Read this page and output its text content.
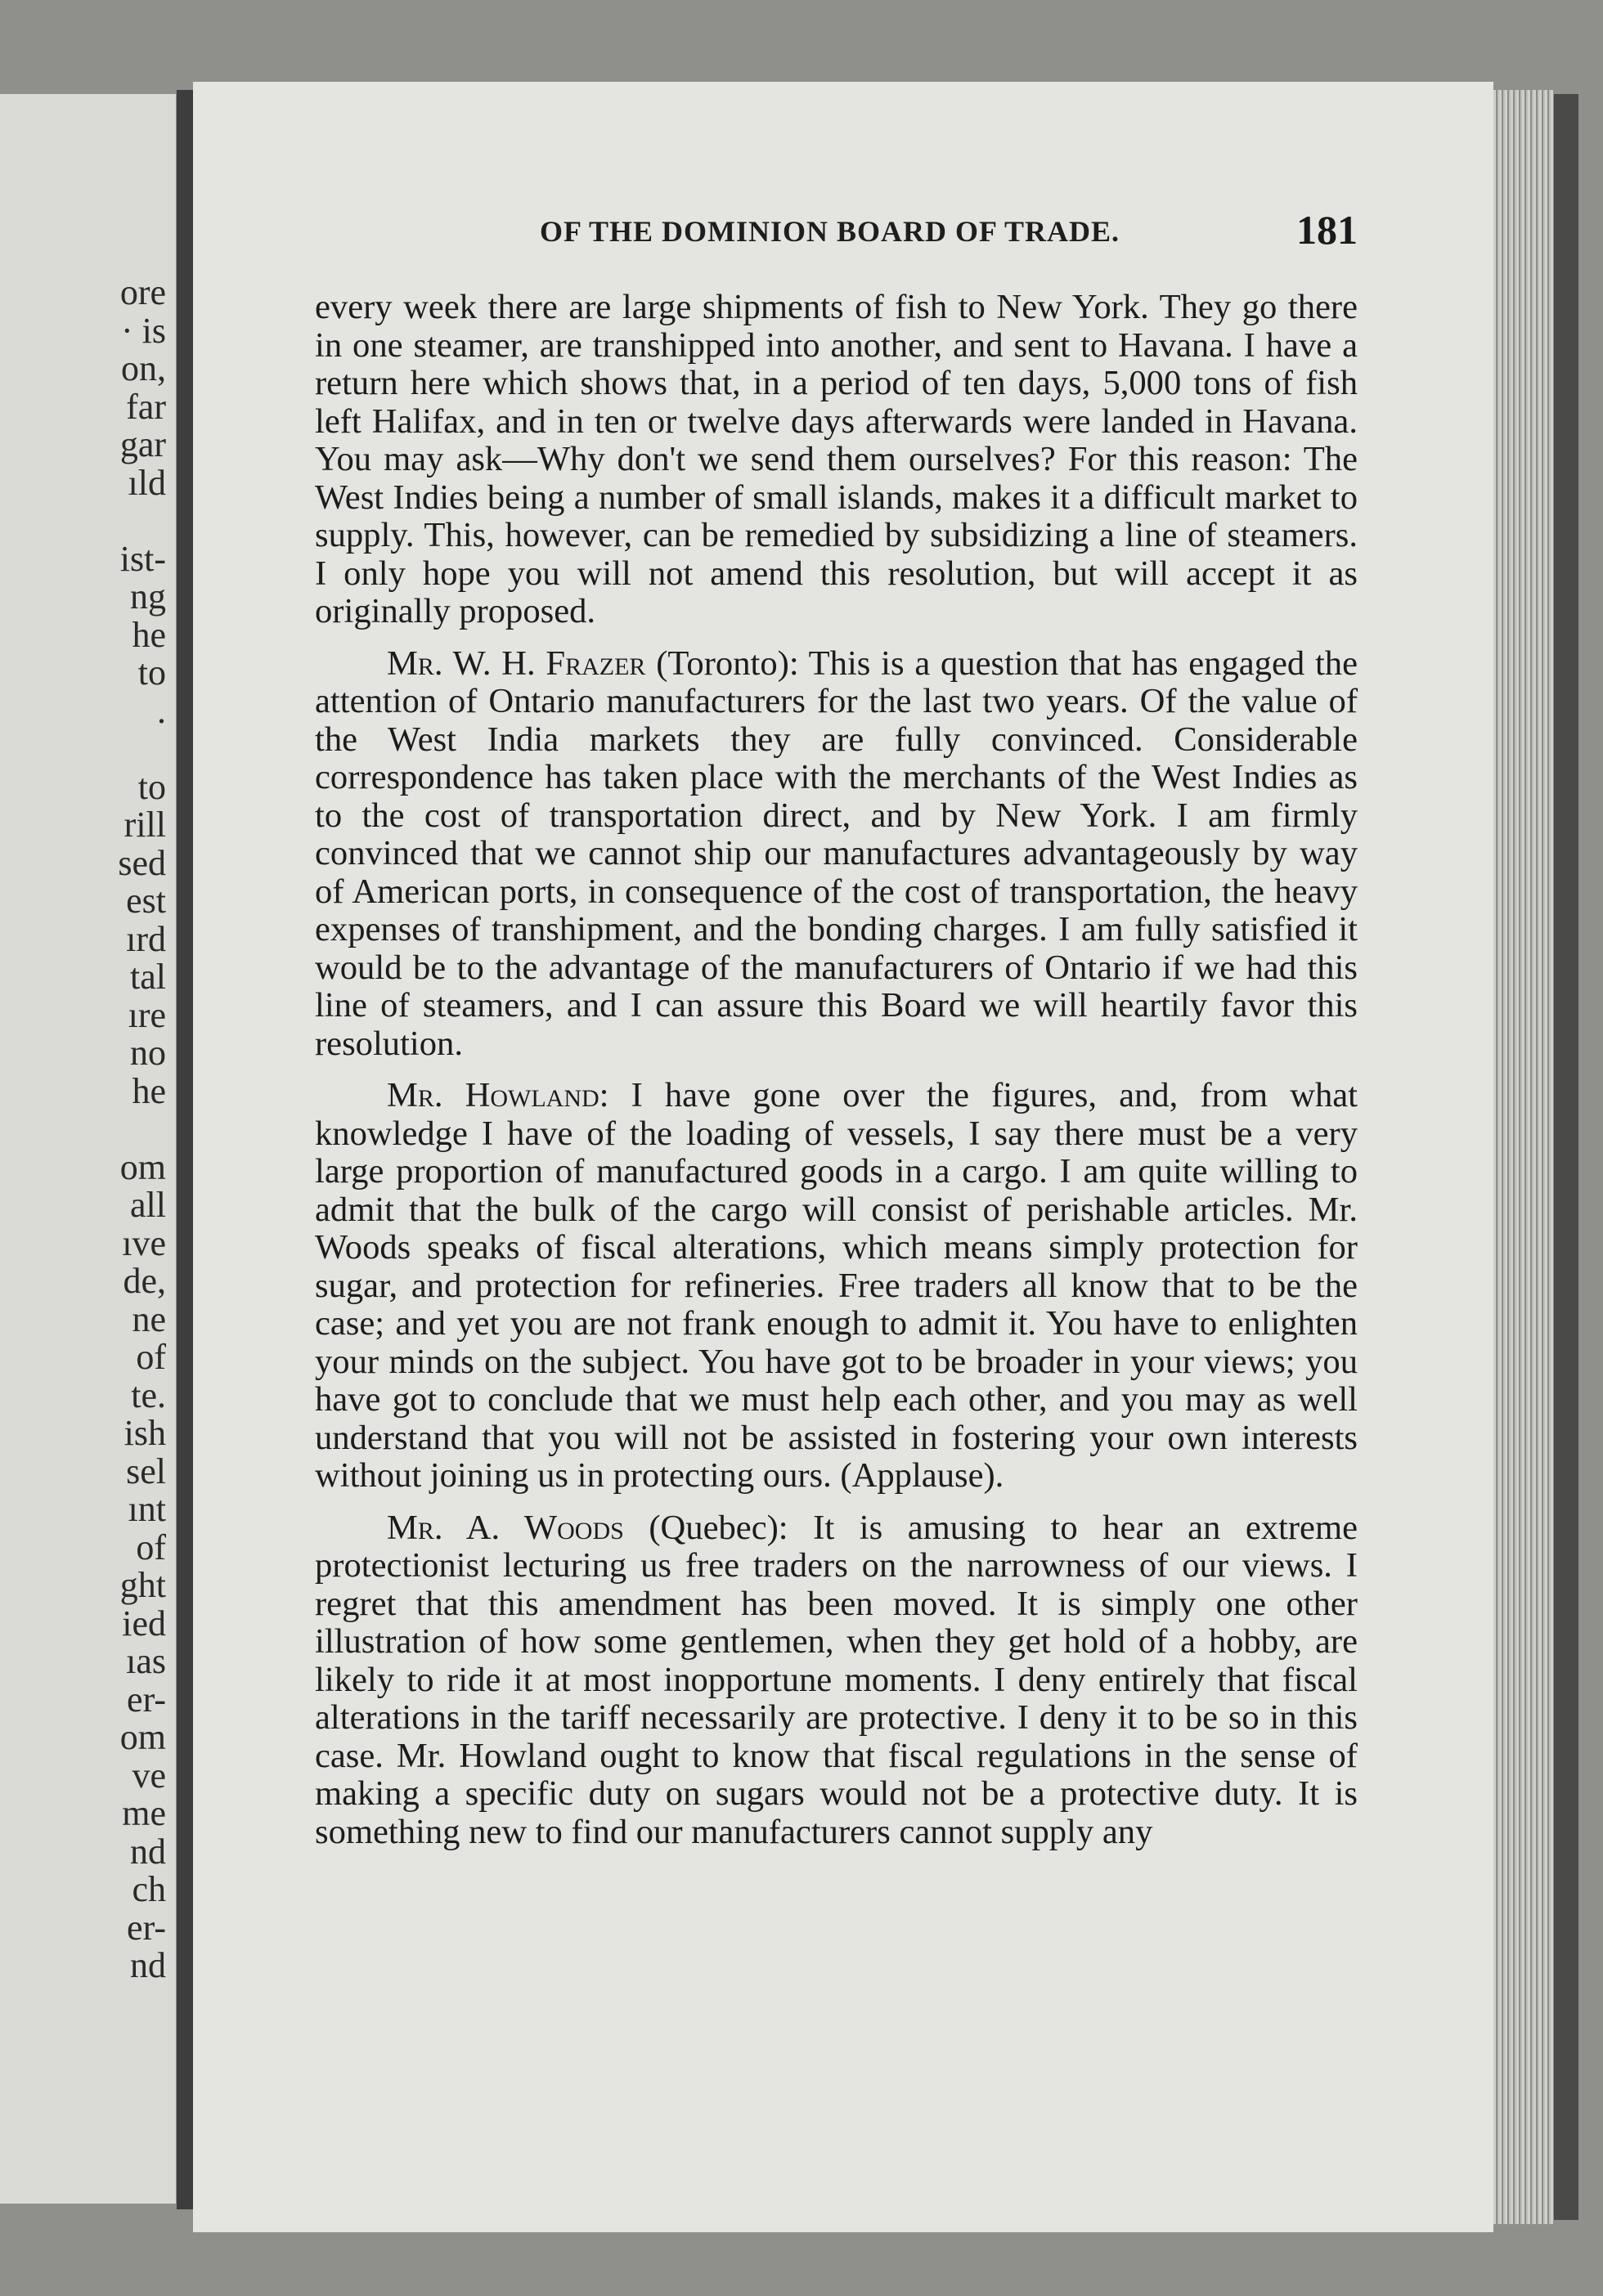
ore
· is
on,
far
gar
ıld
ist-
ng
he
to
.
to
rill
sed
est
ırd
tal
ıre
no
he
om
all
ıve
de,
ne
of
te.
ish
sel
ınt
of
ght
ied
ıas
er-
om
ve
me
nd
ch
er-
nd
OF THE DOMINION BOARD OF TRADE.	181

every week there are large shipments of fish to New York. They go there in one steamer, are transhipped into another, and sent to Havana. I have a return here which shows that, in a period of ten days, 5,000 tons of fish left Halifax, and in ten or twelve days afterwards were landed in Havana. You may ask—Why don't we send them ourselves? For this reason: The West Indies being a number of small islands, makes it a difficult market to supply. This, however, can be remedied by subsidizing a line of steamers. I only hope you will not amend this resolution, but will accept it as originally proposed.

Mr. W. H. Frazer (Toronto): This is a question that has engaged the attention of Ontario manufacturers for the last two years. Of the value of the West India markets they are fully convinced. Considerable correspondence has taken place with the merchants of the West Indies as to the cost of transportation direct, and by New York. I am firmly convinced that we cannot ship our manufactures advantageously by way of American ports, in consequence of the cost of transportation, the heavy expenses of transhipment, and the bonding charges. I am fully satisfied it would be to the advantage of the manufacturers of Ontario if we had this line of steamers, and I can assure this Board we will heartily favor this resolution.

Mr. Howland: I have gone over the figures, and, from what knowledge I have of the loading of vessels, I say there must be a very large proportion of manufactured goods in a cargo. I am quite willing to admit that the bulk of the cargo will consist of perishable articles. Mr. Woods speaks of fiscal alterations, which means simply protection for sugar, and protection for refineries. Free traders all know that to be the case; and yet you are not frank enough to admit it. You have to enlighten your minds on the subject. You have got to be broader in your views; you have got to conclude that we must help each other, and you may as well understand that you will not be assisted in fostering your own interests without joining us in protecting ours. (Applause).

Mr. A. Woods (Quebec): It is amusing to hear an extreme protectionist lecturing us free traders on the narrowness of our views. I regret that this amendment has been moved. It is simply one other illustration of how some gentlemen, when they get hold of a hobby, are likely to ride it at most inopportune moments. I deny entirely that fiscal alterations in the tariff necessarily are protective. I deny it to be so in this case. Mr. Howland ought to know that fiscal regulations in the sense of making a specific duty on sugars would not be a protective duty. It is something new to find our manufacturers cannot supply any
